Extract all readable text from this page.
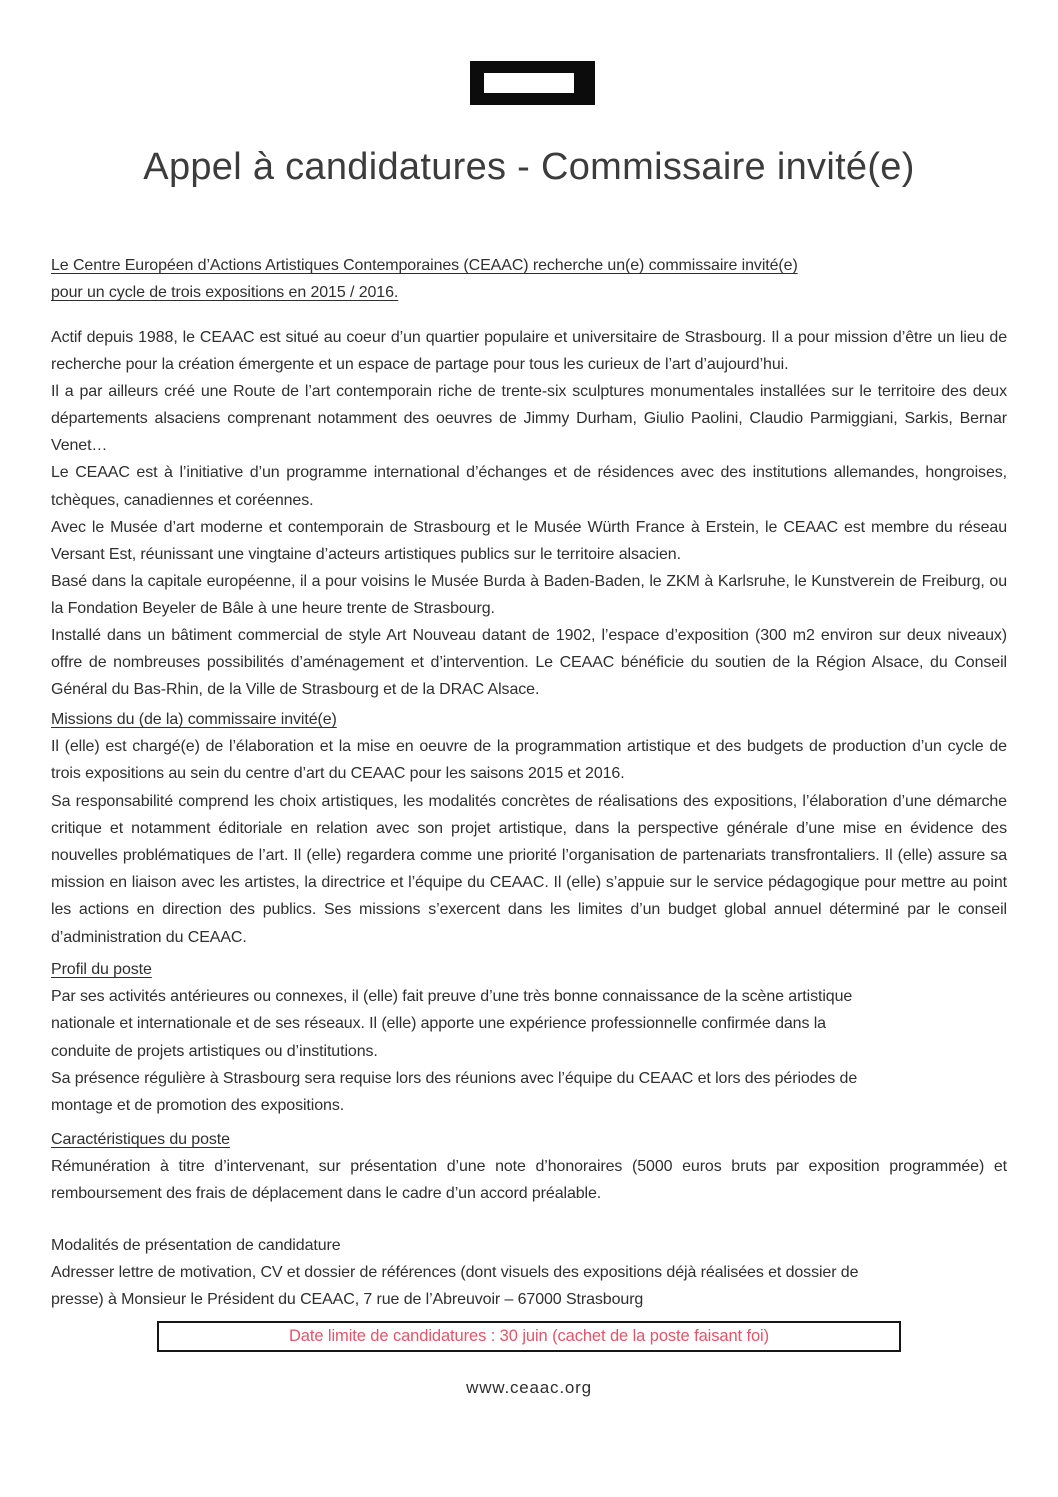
Appel à candidatures - Commissaire invité(e)
Le Centre Européen d’Actions Artistiques Contemporaines (CEAAC) recherche un(e) commissaire invité(e)
pour un cycle de trois expositions en 2015 / 2016.

Actif depuis 1988, le CEAAC est situé au coeur d’un quartier populaire et universitaire de Strasbourg. Il a pour mission d’être un lieu de recherche pour la création émergente et un espace de partage pour tous les curieux de l’art d’aujourd’hui.

Il a par ailleurs créé une Route de l’art contemporain riche de trente-six sculptures monumentales installées sur le territoire des deux départements alsaciens comprenant notamment des oeuvres de Jimmy Durham, Giulio Paolini, Claudio Parmiggiani, Sarkis, Bernar Venet…

Le CEAAC est à l’initiative d’un programme international d’échanges et de résidences avec des institutions allemandes, hongroises, tchèques, canadiennes et coréennes.

Avec le Musée d’art moderne et contemporain de Strasbourg et le Musée Würth France à Erstein, le CEAAC est membre du réseau Versant Est, réunissant une vingtaine d’acteurs artistiques publics sur le territoire alsacien.

Basé dans la capitale européenne, il a pour voisins le Musée Burda à Baden-Baden, le ZKM à Karlsruhe, le Kunstverein de Freiburg, ou la Fondation Beyeler de Bâle à une heure trente de Strasbourg.

Installé dans un bâtiment commercial de style Art Nouveau datant de 1902, l’espace d’exposition (300 m2 environ sur deux niveaux) offre de nombreuses possibilités d’aménagement et d’intervention. Le CEAAC bénéficie du soutien de la Région Alsace, du Conseil Général du Bas-Rhin, de la Ville de Strasbourg et de la DRAC Alsace.

Missions du (de la) commissaire invité(e)

Il (elle) est chargé(e) de l’élaboration et la mise en oeuvre de la programmation artistique et des budgets de production d’un cycle de trois expositions au sein du centre d’art du CEAAC pour les saisons 2015 et 2016.

Sa responsabilité comprend les choix artistiques, les modalités concrètes de réalisations des expositions, l’élaboration d’une démarche critique et notamment éditoriale en relation avec son projet artistique, dans la perspective générale d’une mise en évidence des nouvelles problématiques de l’art. Il (elle) regardera comme une priorité l’organisation de partenariats transfrontaliers. Il (elle) assure sa mission en liaison avec les artistes, la directrice et l’équipe du CEAAC. Il (elle) s’appuie sur le service pédagogique pour mettre au point les actions en direction des publics. Ses missions s’exercent dans les limites d’un budget global annuel déterminé par le conseil d’administration du CEAAC.

Profil du poste
Par ses activités antérieures ou connexes, il (elle) fait preuve d’une très bonne connaissance de la scène artistique
nationale et internationale et de ses réseaux. Il (elle) apporte une expérience professionnelle confirmée dans la
conduite de projets artistiques ou d’institutions.
Sa présence régulière à Strasbourg sera requise lors des réunions avec l’équipe du CEAAC et lors des périodes de
montage et de promotion des expositions.
Caractéristiques du poste

Rémunération à titre d’intervenant, sur présentation d’une note d’honoraires (5000 euros bruts par exposition programmée) et remboursement des frais de déplacement dans le cadre d’un accord préalable.

Modalités de présentation de candidature
Adresser lettre de motivation, CV et dossier de références (dont visuels des expositions déjà réalisées et dossier de
presse) à Monsieur le Président du CEAAC, 7 rue de l’Abreuvoir – 67000 Strasbourg
Date limite de candidatures : 30 juin (cachet de la poste faisant foi)
www.ceaac.org
